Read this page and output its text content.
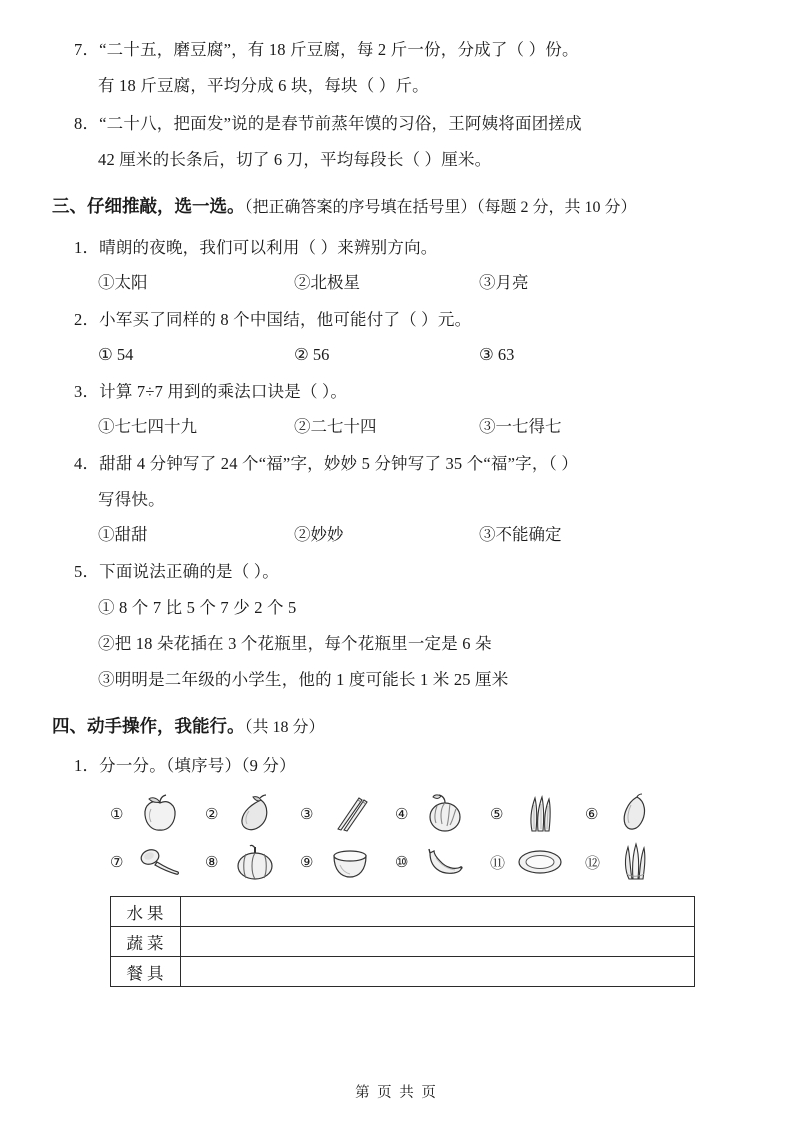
7．“二十五，磨豆腐”，有 18 斤豆腐，每 2 斤一份，分成了（ ）份。
有 18 斤豆腐，平均分成 6 块，每块（ ）斤。
8．“二十八，把面发”说的是春节前蒸年馍的习俗，王阿姨将面团搓成
42 厘米的长条后，切了 6 刀，平均每段长（ ）厘米。
三、仔细推敲，选一选。（把正确答案的序号填在括号里）（每题 2 分，共 10 分）
1．晴朗的夜晚，我们可以利用（ ）来辨别方向。
①太阳	②北极星	③月亮
2．小军买了同样的 8 个中国结，他可能付了（ ）元。
① 54	② 56	③ 63
3．计算 7÷7 用到的乘法口诀是（ ）。
①七七四十九	②二七十四	③一七得七
4．甜甜 4 分钟写了 24 个“福”字，妙妙 5 分钟写了 35 个“福”字，（ ）
写得快。
①甜甜	②妙妙	③不能确定
5．下面说法正确的是（ ）。
① 8 个 7 比 5 个 7 少 2 个 5
②把 18 朵花插在 3 个花瓶里，每个花瓶里一定是 6 朵
③明明是二年级的小学生，他的 1 度可能长 1 米 25 厘米
四、动手操作，我能行。（共 18 分）
1．分一分。（填序号）（9 分）
①	②	③	④	⑤	⑥
⑦	⑧	⑨	⑩	⑪	⑫
水果	
蔬菜	
餐具	
第 页 共 页
